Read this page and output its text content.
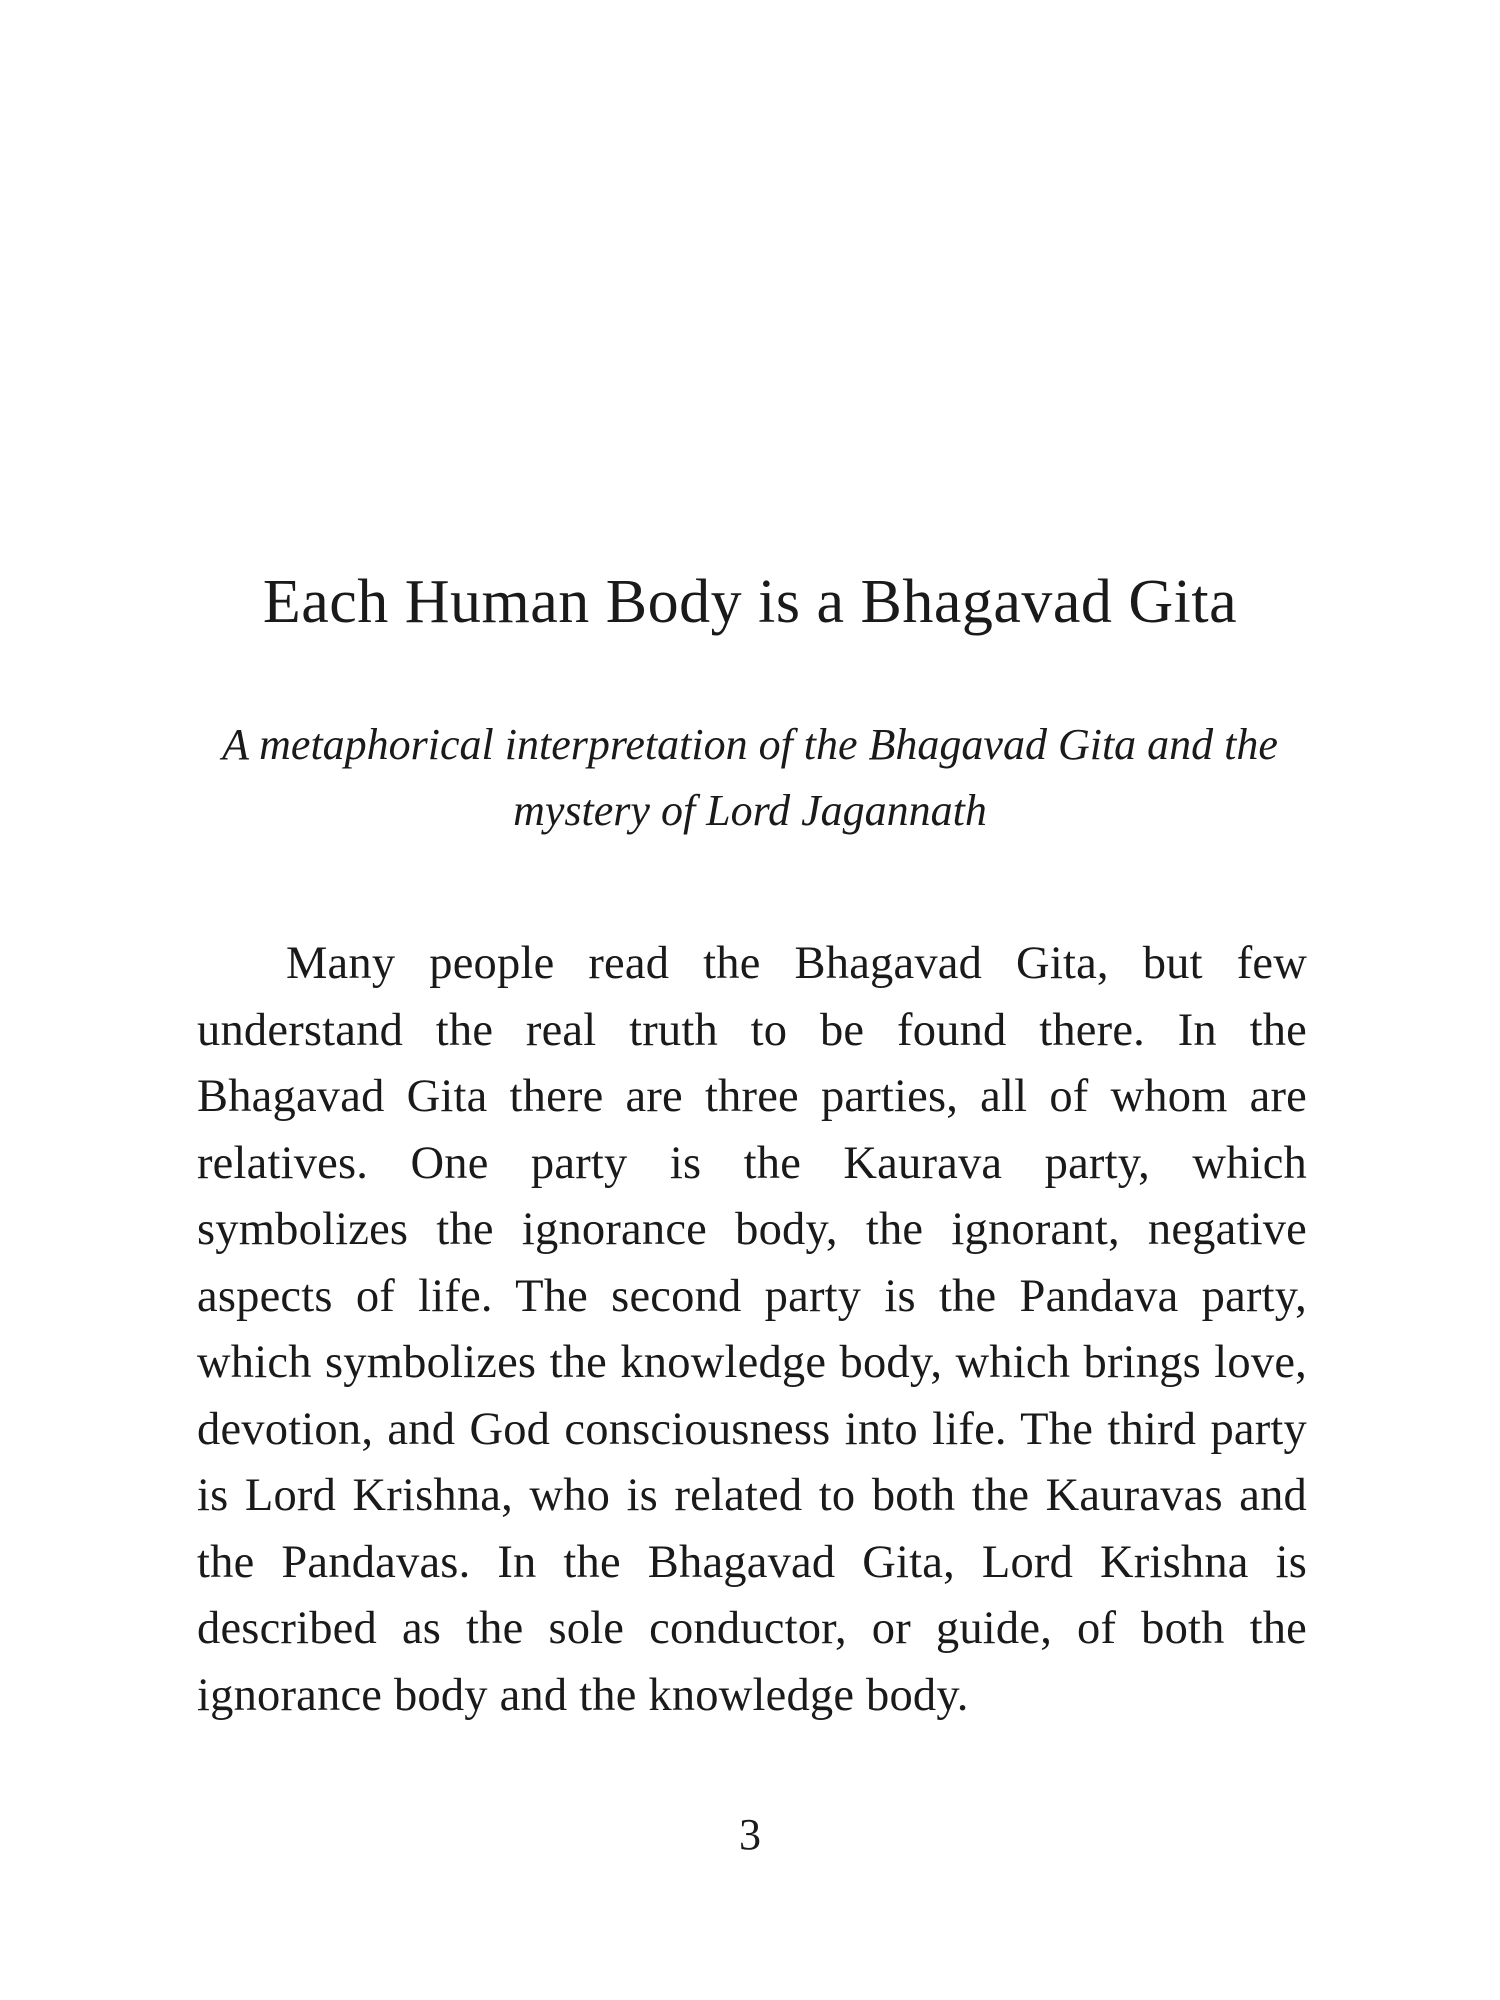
Each Human Body is a Bhagavad Gita

A metaphorical interpretation of the Bhagavad Gita and the mystery of Lord Jagannath

Many people read the Bhagavad Gita, but few understand the real truth to be found there. In the Bhagavad Gita there are three parties, all of whom are relatives. One party is the Kaurava party, which symbolizes the ignorance body, the ignorant, negative aspects of life. The second party is the Pandava party, which symbolizes the knowledge body, which brings love, devotion, and God consciousness into life. The third party is Lord Krishna, who is related to both the Kauravas and the Pandavas. In the Bhagavad Gita, Lord Krishna is described as the sole conductor, or guide, of both the ignorance body and the knowledge body.

3
